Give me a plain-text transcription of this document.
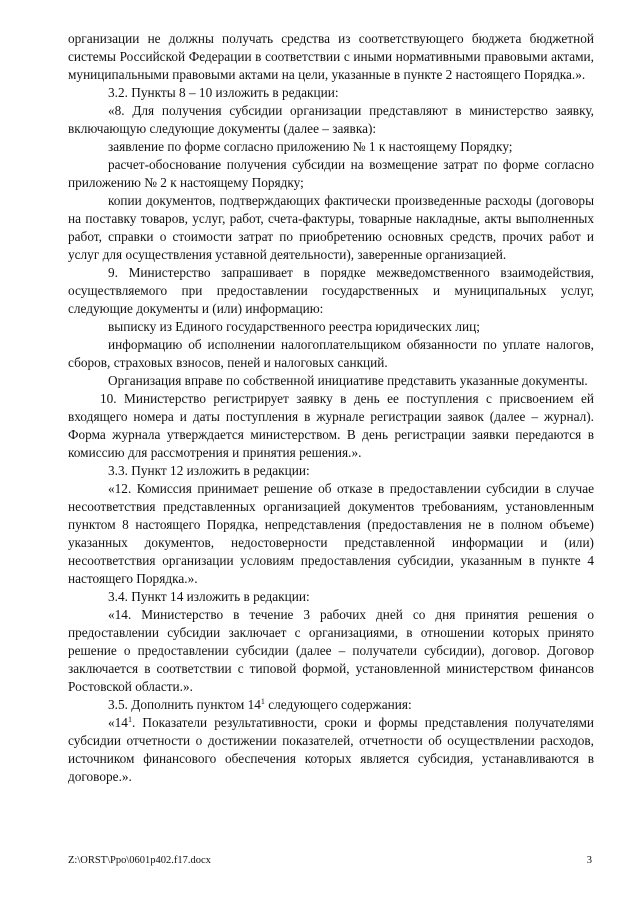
организации не должны получать средства из соответствующего бюджета бюджетной системы Российской Федерации в соответствии с иными нормативными правовыми актами, муниципальными правовыми актами на цели, указанные в пункте 2 настоящего Порядка.».

3.2. Пункты 8 – 10 изложить в редакции:

«8. Для получения субсидии организации представляют в министерство заявку, включающую следующие документы (далее – заявка):

заявление по форме согласно приложению № 1 к настоящему Порядку;

расчет-обоснование получения субсидии на возмещение затрат по форме согласно приложению № 2 к настоящему Порядку;

копии документов, подтверждающих фактически произведенные расходы (договоры на поставку товаров, услуг, работ, счета-фактуры, товарные накладные, акты выполненных работ, справки о стоимости затрат по приобретению основных средств, прочих работ и услуг для осуществления уставной деятельности), заверенные организацией.

9. Министерство запрашивает в порядке межведомственного взаимодействия, осуществляемого при предоставлении государственных и муниципальных услуг, следующие документы и (или) информацию:

выписку из Единого государственного реестра юридических лиц;

информацию об исполнении налогоплательщиком обязанности по уплате налогов, сборов, страховых взносов, пеней и налоговых санкций.

Организация вправе по собственной инициативе представить указанные документы.

10. Министерство регистрирует заявку в день ее поступления с присвоением ей входящего номера и даты поступления в журнале регистрации заявок (далее – журнал). Форма журнала утверждается министерством. В день регистрации заявки передаются в комиссию для рассмотрения и принятия решения.».

3.3. Пункт 12 изложить в редакции:

«12. Комиссия принимает решение об отказе в предоставлении субсидии в случае несоответствия представленных организацией документов требованиям, установленным пунктом 8 настоящего Порядка, непредставления (предоставления не в полном объеме) указанных документов, недостоверности представленной информации и (или) несоответствия организации условиям предоставления субсидии, указанным в пункте 4 настоящего Порядка.».

3.4. Пункт 14 изложить в редакции:

«14. Министерство в течение 3 рабочих дней со дня принятия решения о предоставлении субсидии заключает с организациями, в отношении которых принято решение о предоставлении субсидии (далее – получатели субсидии), договор. Договор заключается в соответствии с типовой формой, установленной министерством финансов Ростовской области.».

3.5. Дополнить пунктом $14^1$ следующего содержания:

«$14^1$. Показатели результативности, сроки и формы представления получателями субсидии отчетности о достижении показателей, отчетности об осуществлении расходов, источником финансового обеспечения которых является субсидия, устанавливаются в договоре.».

Z:\ORST\Ppo\0601p402.f17.docx	3
